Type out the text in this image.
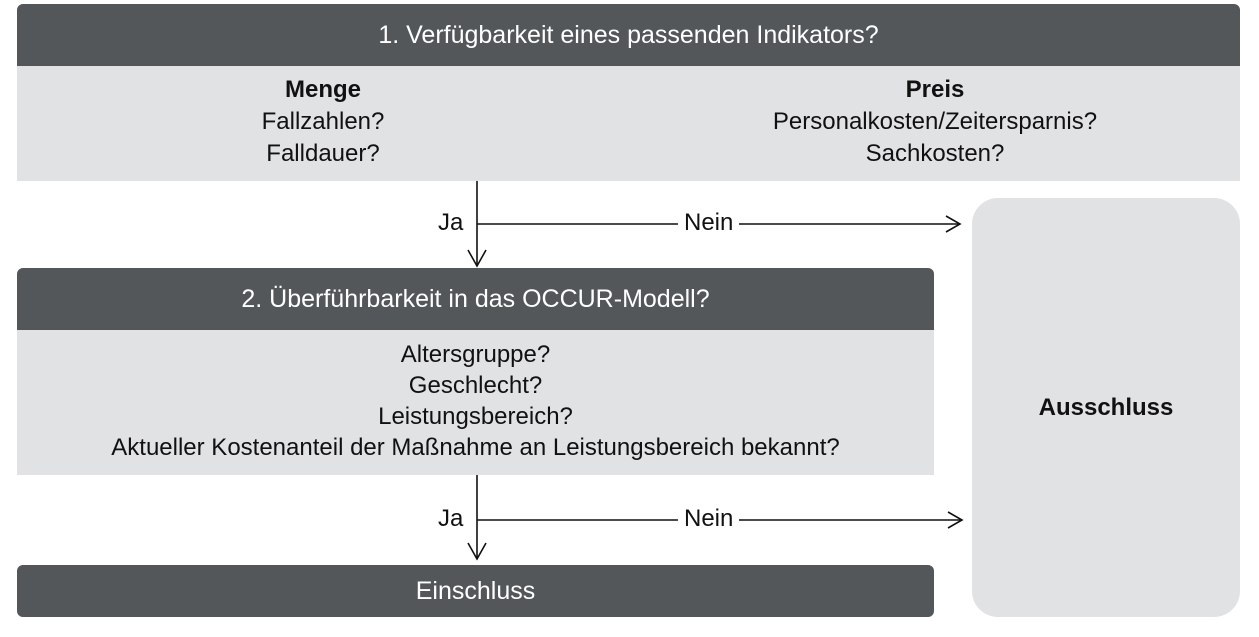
1. Verfügbarkeit eines passenden Indikators?
Menge
Fallzahlen?
Falldauer?
Preis
Personalkosten/Zeitersparnis?
Sachkosten?
2. Überführbarkeit in das OCCUR-Modell?
Altersgruppe?
Geschlecht?
Leistungsbereich?
Aktueller Kostenanteil der Maßnahme an Leistungsbereich bekannt?
Einschluss
Ausschluss
Ja	Nein
Ja	Nein
